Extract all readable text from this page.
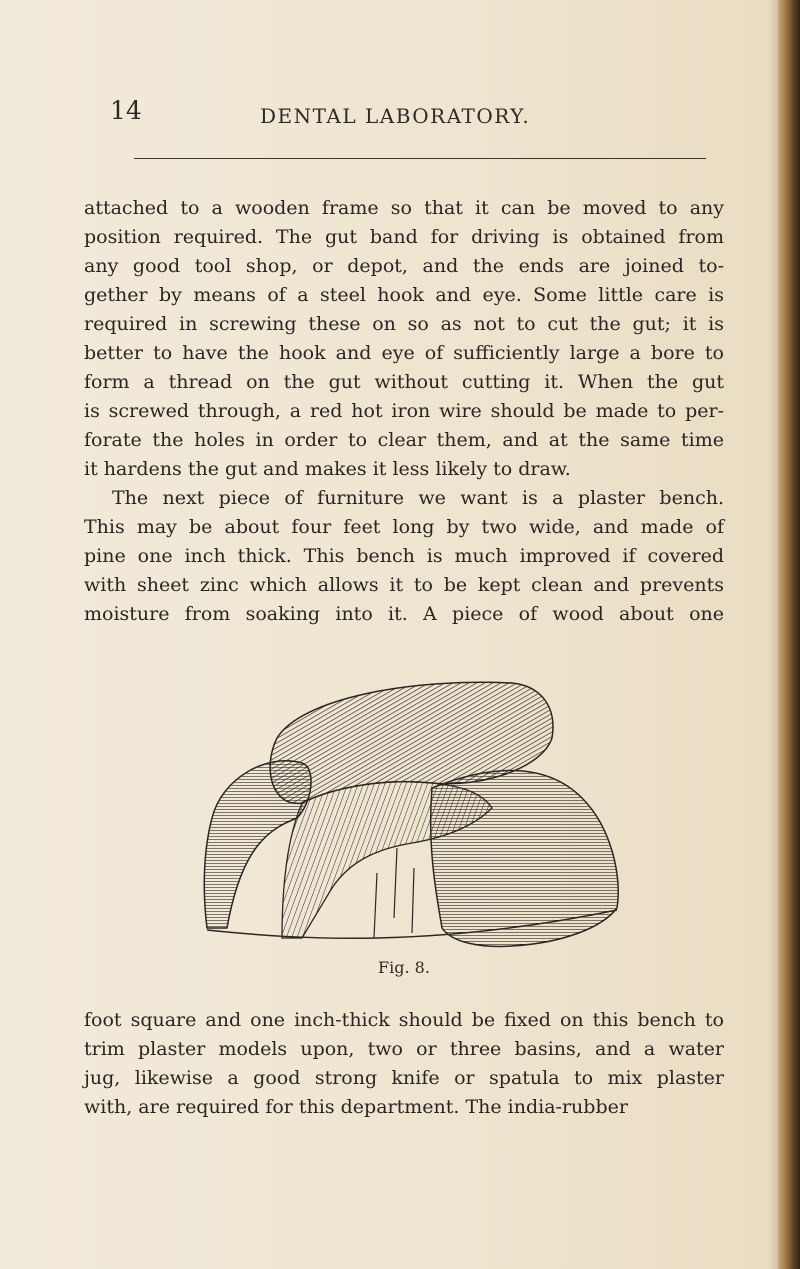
14	DENTAL LABORATORY.
attached to a wooden frame so that it can be moved to any
position required. The gut band for driving is obtained from
any good tool shop, or depot, and the ends are joined to-
gether by means of a steel hook and eye. Some little care is
required in screwing these on so as not to cut the gut; it is
better to have the hook and eye of sufficiently large a bore to
form a thread on the gut without cutting it. When the gut
is screwed through, a red hot iron wire should be made to per-
forate the holes in order to clear them, and at the same time
it hardens the gut and makes it less likely to draw.
The next piece of furniture we want is a plaster bench.
This may be about four feet long by two wide, and made of
pine one inch thick. This bench is much improved if covered
with sheet zinc which allows it to be kept clean and prevents
moisture from soaking into it. A piece of wood about one
Fig. 8.
foot square and one inch-thick should be fixed on this bench to
trim plaster models upon, two or three basins, and a water
jug, likewise a good strong knife or spatula to mix plaster
with, are required for this department. The india-rubber
